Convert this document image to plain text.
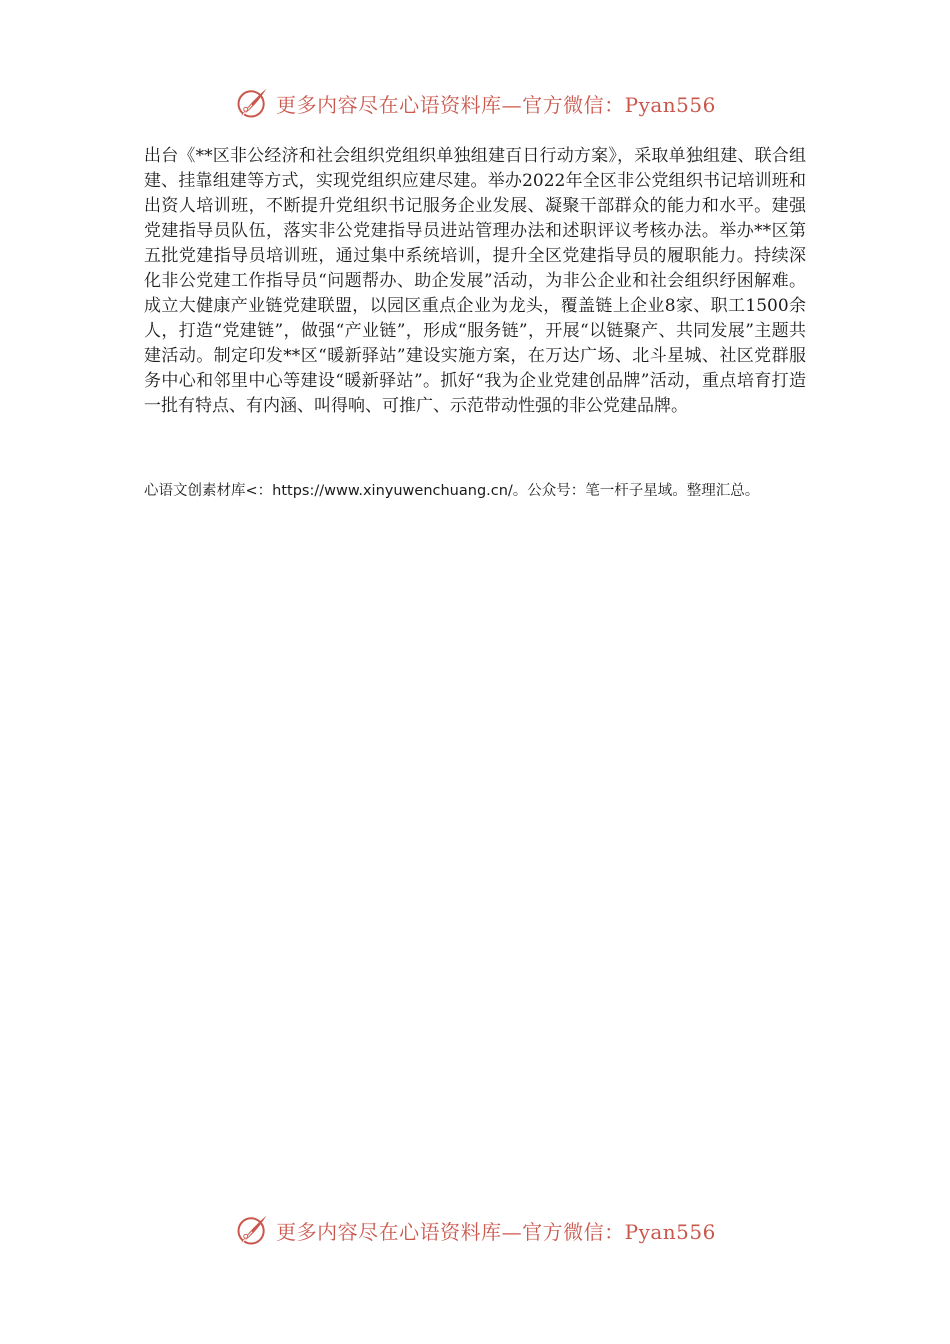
更多内容尽在心语资料库—官方微信：Pyan556

出台《**区非公经济和社会组织党组织单独组建百日行动方案》，采取单独组建、联合组建、挂靠组建等方式，实现党组织应建尽建。举办2022年全区非公党组织书记培训班和出资人培训班，不断提升党组织书记服务企业发展、凝聚干部群众的能力和水平。建强党建指导员队伍，落实非公党建指导员进站管理办法和述职评议考核办法。举办**区第五批党建指导员培训班，通过集中系统培训，提升全区党建指导员的履职能力。持续深化非公党建工作指导员“问题帮办、助企发展”活动，为非公企业和社会组织纾困解难。成立大健康产业链党建联盟，以园区重点企业为龙头，覆盖链上企业8家、职工1500余人，打造“党建链”，做强“产业链”，形成“服务链”，开展“以链聚产、共同发展”主题共建活动。制定印发**区“暖新驿站”建设实施方案，在万达广场、北斗星城、社区党群服务中心和邻里中心等建设“暖新驿站”。抓好“我为企业党建创品牌”活动，重点培育打造一批有特点、有内涵、叫得响、可推广、示范带动性强的非公党建品牌。

心语文创素材库<：https://www.xinyuwenchuang.cn/。公众号：笔一杆子星域。整理汇总。

更多内容尽在心语资料库—官方微信：Pyan556
